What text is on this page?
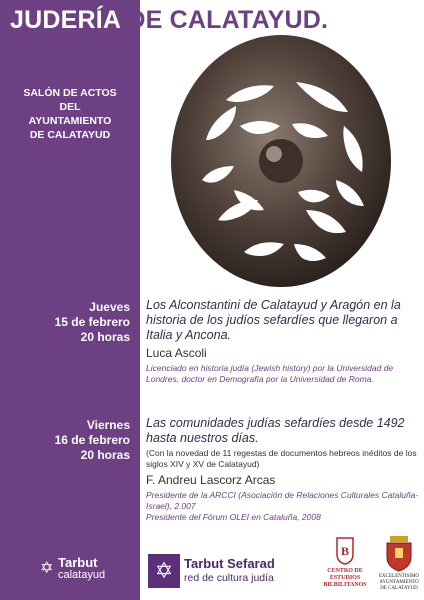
JUDERÍA DE CALATAYUD.
SALÓN DE ACTOS
DEL
AYUNTAMIENTO
DE CALATAYUD
Jueves
15 de febrero
20 horas
Los Alconstantini de Calatayud y Aragón en la historia de los judíos sefardíes que llegaron a Italia y Ancona.
Luca Ascoli
Licenciado en historia judía (Jewish history) por la Universidad de Londres, doctor en Demografía por la Universidad de Roma.
Viernes
16 de febrero
20 horas
Las comunidades judías sefardíes desde 1492 hasta nuestros días.
(Con la novedad de 11 regestas de documentos hebreos inéditos de los siglos XIV y XV de Calatayud)
F. Andreu Lascorz Arcas
Presidente de la ARCCI (Asociación de Relaciones Culturales Cataluña-Israel), 2.007
Presidente del Fórum OLEI en Cataluña, 2008
✡ Tarbut
calatayud	✡ Tarbut Sefarad
red de cultura judía
B
CENTRO DE
ESTUDIOS
BILBILITANOS
EXCELENTISIMO
AYUNTAMIENTO
DE CALATAYUD
